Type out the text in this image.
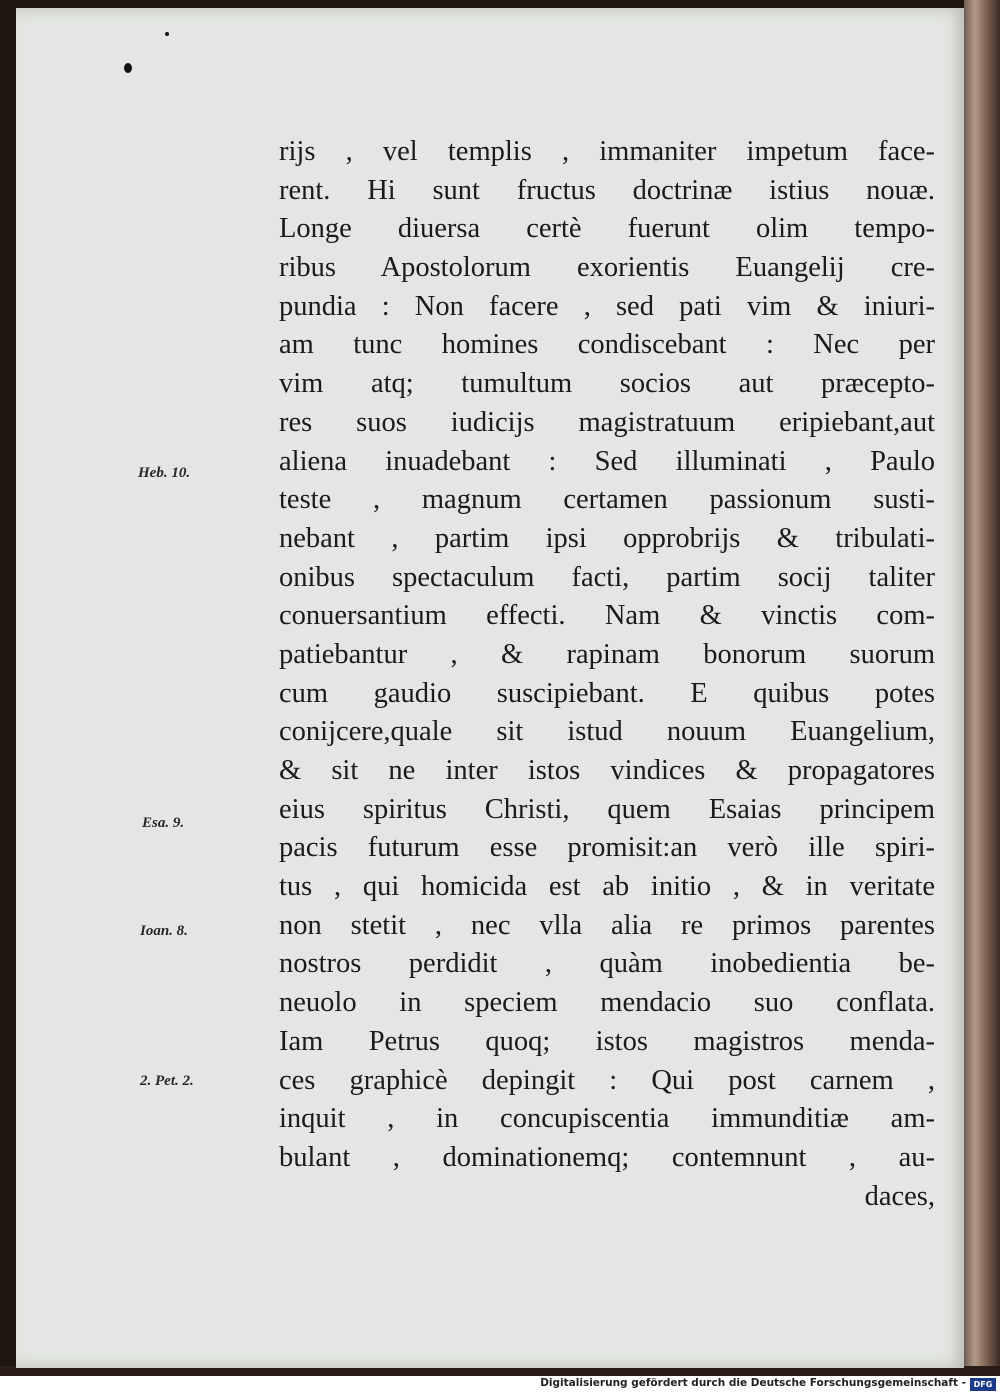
Heb. 10.
Esa. 9.
Ioan. 8.
2. Pet. 2.
rijs , vel templis , immaniter impetum face-
rent. Hi sunt fructus doctrinæ istius nouæ.
Longe diuersa certè fuerunt olim tempo-
ribus Apostolorum exorientis Euangelij cre-
pundia : Non facere , sed pati vim & iniuri-
am tunc homines condiscebant : Nec per
vim atq; tumultum socios aut præcepto-
res suos iudicijs magistratuum eripiebant,aut
aliena inuadebant : Sed illuminati , Paulo
teste , magnum certamen passionum susti-
nebant , partim ipsi opprobrijs & tribulati-
onibus spectaculum facti, partim socij taliter
conuersantium effecti. Nam & vinctis com-
patiebantur , & rapinam bonorum suorum
cum gaudio suscipiebant. E quibus potes
conijcere,quale sit istud nouum Euangelium,
& sit ne inter istos vindices & propagatores
eius spiritus Christi, quem Esaias principem
pacis futurum esse promisit:an verò ille spiri-
tus , qui homicida est ab initio , & in veritate
non stetit , nec vlla alia re primos parentes
nostros perdidit , quàm inobedientia be-
neuolo in speciem mendacio suo conflata.
Iam Petrus quoq; istos magistros menda-
ces graphicè depingit : Qui post carnem ,
inquit , in concupiscentia immunditiæ am-
bulant , dominationemq; contemnunt , au-
daces,
Digitalisierung gefördert durch die Deutsche Forschungsgemeinschaft - DFG
